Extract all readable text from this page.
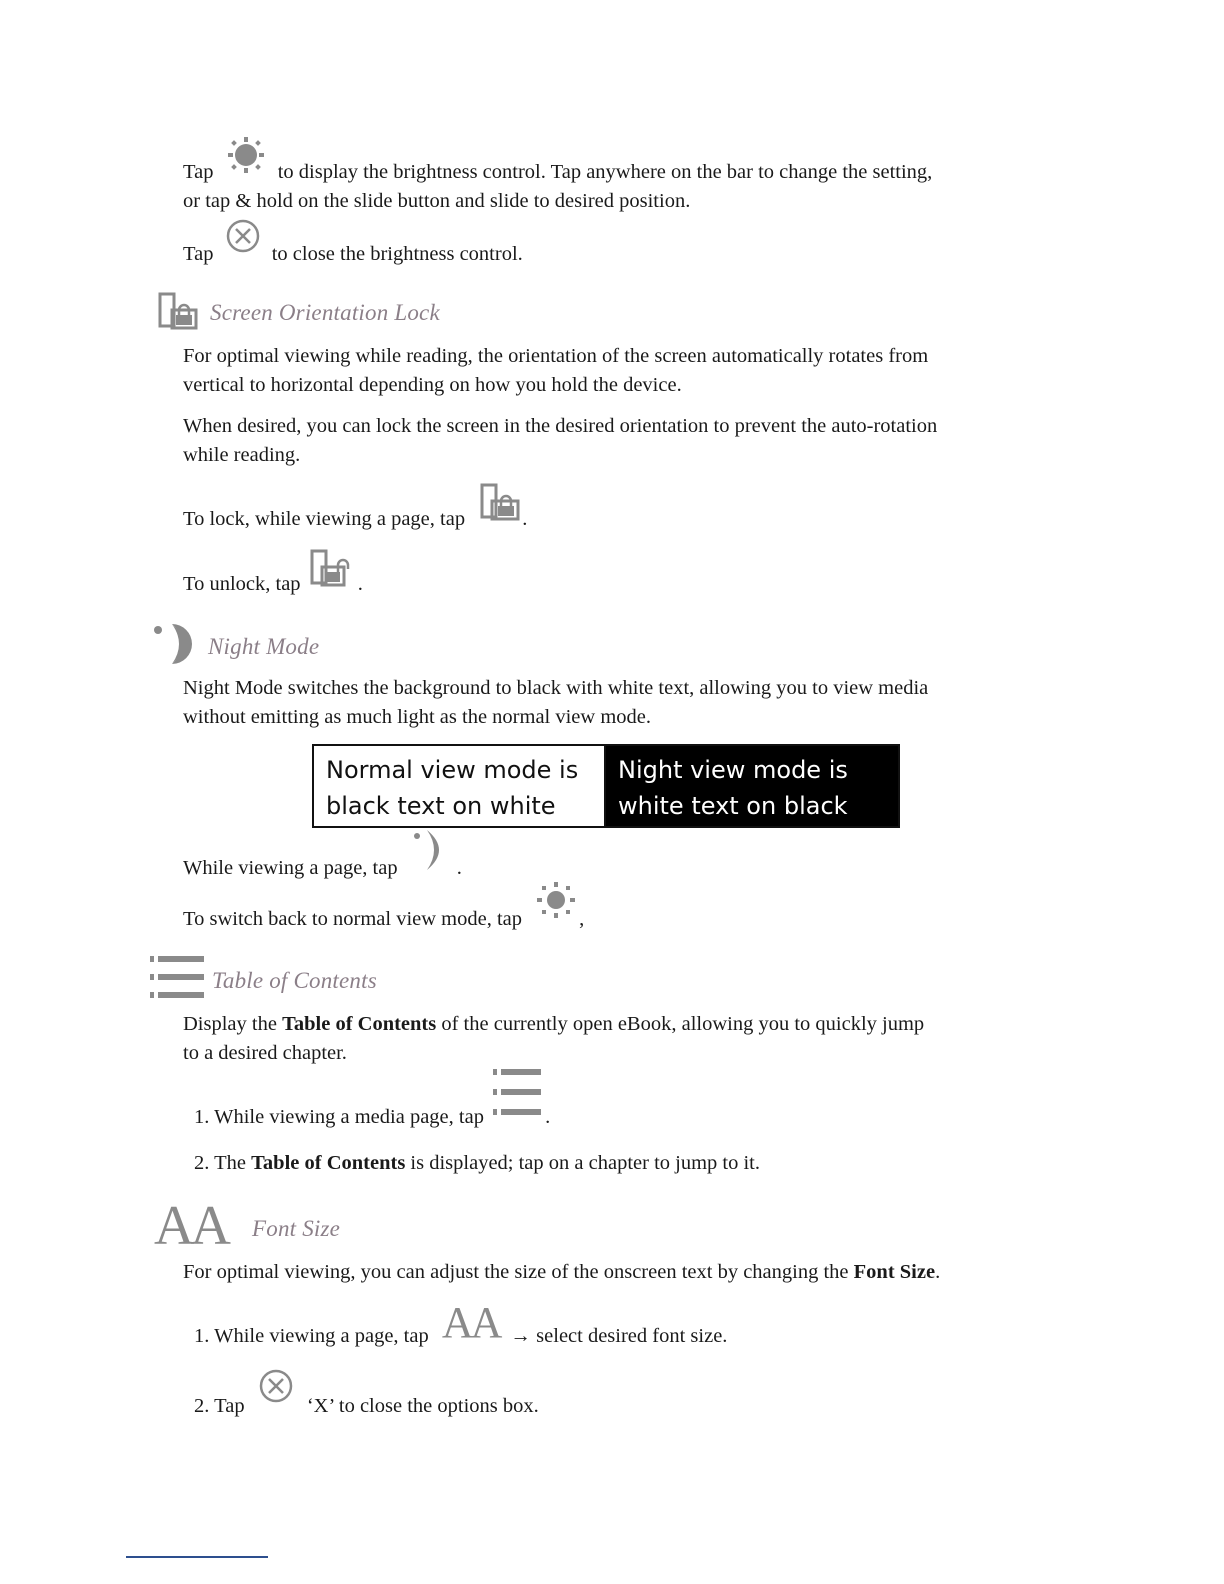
Tap	to display the brightness control. Tap anywhere on the bar to change the setting,
or tap & hold on the slide button and slide to desired position.
Tap	to close the brightness control.
Screen Orientation Lock
For optimal viewing while reading, the orientation of the screen automatically rotates from
vertical to horizontal depending on how you hold the device.
When desired, you can lock the screen in the desired orientation to prevent the auto-rotation
while reading.
To lock, while viewing a page, tap	.
To unlock, tap	.
Night Mode
Night Mode switches the background to black with white text, allowing you to view media
without emitting as much light as the normal view mode.
Normal view mode is black text on white
Night view mode is white text on black
While viewing a page, tap	.
To switch back to normal view mode, tap	,
Table of Contents
Display the Table of Contents of the currently open eBook, allowing you to quickly jump
to a desired chapter.
1. While viewing a media page, tap	.
2. The Table of Contents is displayed; tap on a chapter to jump to it.
AA Font Size
For optimal viewing, you can adjust the size of the onscreen text by changing the Font Size.
1. While viewing a page, tap AA → select desired font size.
2. Tap	‘X’ to close the options box.
